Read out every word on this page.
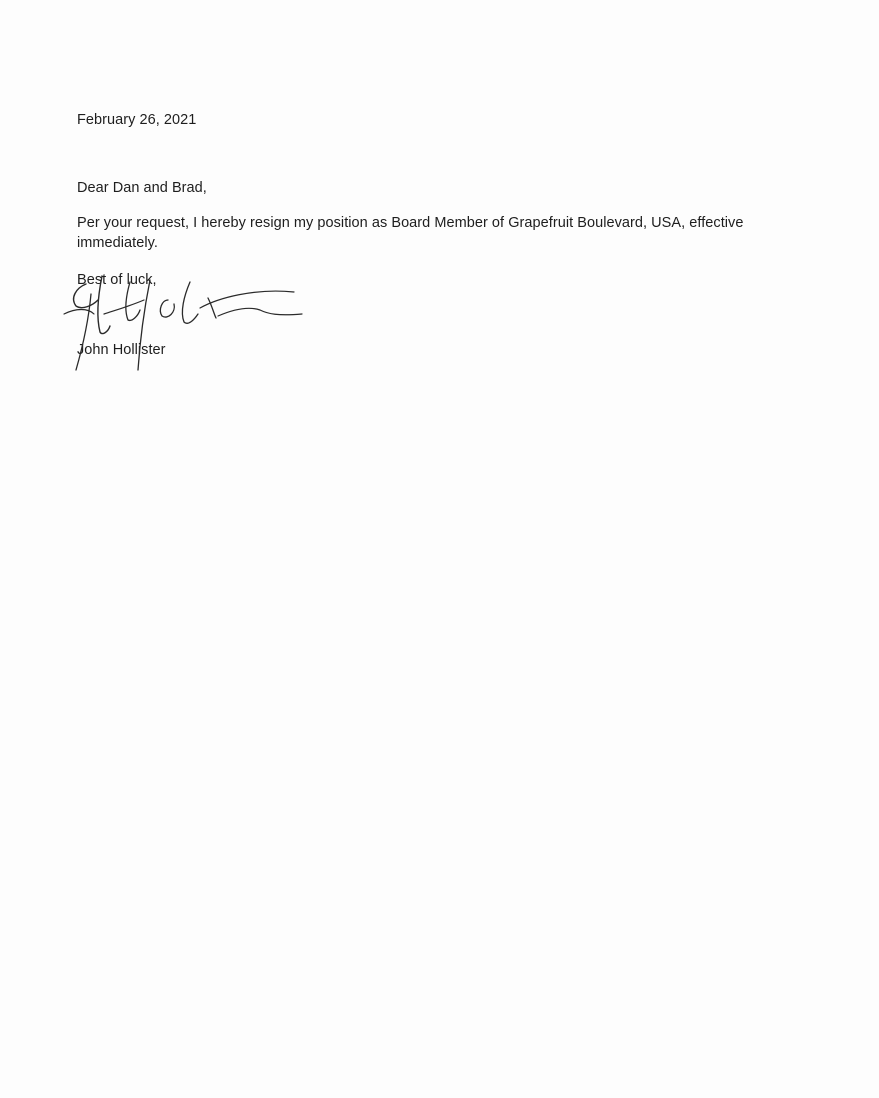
February 26, 2021
Dear Dan and Brad,
Per your request, I hereby resign my position as Board Member of Grapefruit Boulevard, USA, effective immediately.
Best of luck,
John Hollister
